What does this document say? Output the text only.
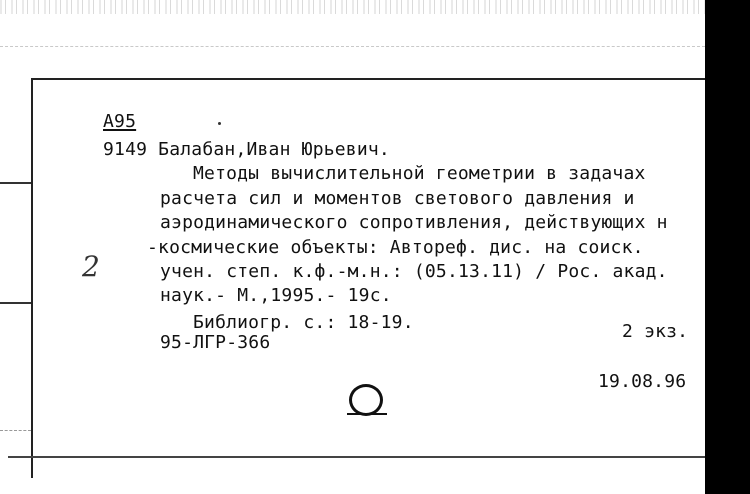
A95
9149 Балабан,Иван Юрьевич.
Методы вычислительной геометрии в задачах
расчета сил и моментов светового давления и
аэродинамического сопротивления, действующих н
-космические объекты: Автореф. дис. на соиск.
учен. степ. к.ф.-м.н.: (05.13.11) / Рос. акад.
наук.- М.,1995.- 19с.
Библиогр. с.: 18-19.	2 экз.
95-ЛГР-366
19.08.96
2
